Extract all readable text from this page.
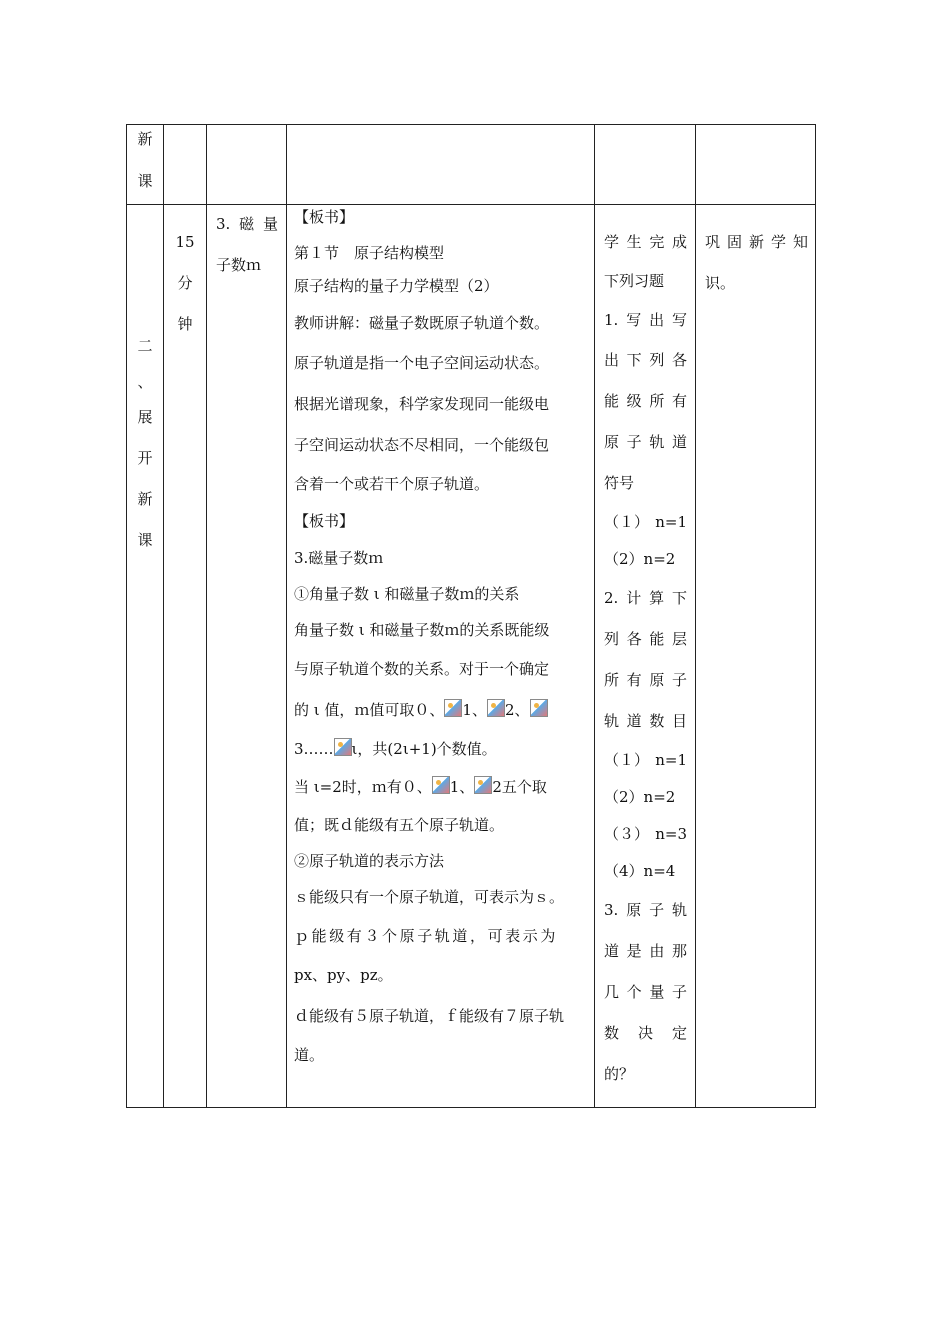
新
课
二
、
展
开
新
课
15
分
钟
3. 磁 量
子数ｍ
【板书】
第１节　原子结构模型
原子结构的量子力学模型（2）
教师讲解：磁量子数既原子轨道个数。
原子轨道是指一个电子空间运动状态。
根据光谱现象，科学家发现同一能级电
子空间运动状态不尽相同，一个能级包
含着一个或若干个原子轨道。
【板书】
3.磁量子数ｍ
①角量子数 ι 和磁量子数ｍ的关系
角量子数 ι 和磁量子数ｍ的关系既能级
与原子轨道个数的关系。对于一个确定
的 ι 值，ｍ值可取０、 1、 2、
3…… ι，共(2ι+1)个数值。
当 ι=2时，ｍ有０、 1、 2五个取
值；既ｄ能级有五个原子轨道。
②原子轨道的表示方法
ｓ能级只有一个原子轨道，可表示为ｓ。
ｐ能级有３个原子轨道，可表示为
px、py、pz。
ｄ能级有５原子轨道，ｆ能级有７原子轨
道。
学 生 完 成
下列习题
1. 写 出 写
出 下 列 各
能 级 所 有
原 子 轨 道
符号
（１） n=1
（2）n=2
2. 计 算 下
列 各 能 层
所 有 原 子
轨 道 数 目
（１） n=1
（2）n=2
（３） n=3
（4）n=4
3. 原 子 轨
道 是 由 那
几 个 量 子
数 决 定
的？
巩 固 新 学 知
识。
